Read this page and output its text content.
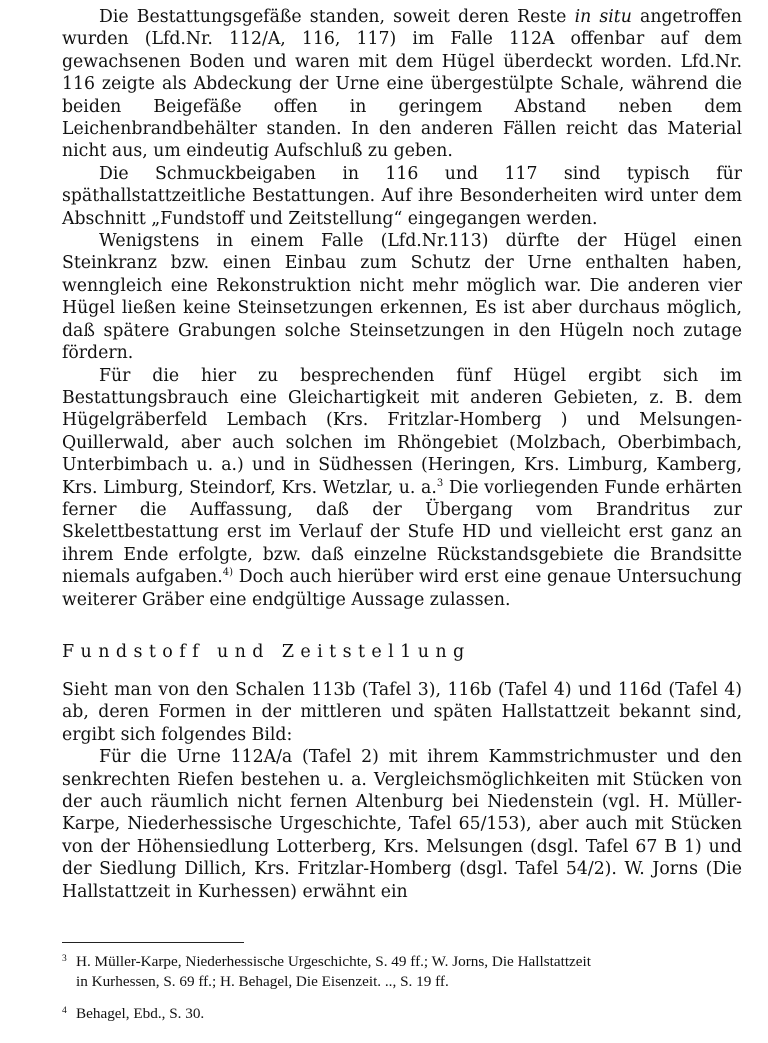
Die Bestattungsgefäße standen, soweit deren Reste in situ angetroffen wurden (Lfd.Nr. 112/A, 116, 117) im Falle 112A offenbar auf dem gewachsenen Boden und waren mit dem Hügel überdeckt worden. Lfd.Nr. 116 zeigte als Abdeckung der Urne eine übergestülpte Schale, während die beiden Beigefäße offen in geringem Abstand neben dem Leichenbrandbehälter standen. In den anderen Fällen reicht das Material nicht aus, um eindeutig Aufschluß zu geben.

Die Schmuckbeigaben in 116 und 117 sind typisch für späthallstattzeitliche Bestattungen. Auf ihre Besonderheiten wird unter dem Abschnitt „Fundstoff und Zeitstellung“ eingegangen werden.

Wenigstens in einem Falle (Lfd.Nr.113) dürfte der Hügel einen Steinkranz bzw. einen Einbau zum Schutz der Urne enthalten haben, wenngleich eine Rekonstruktion nicht mehr möglich war. Die anderen vier Hügel ließen keine Steinsetzungen erkennen, Es ist aber durchaus möglich, daß spätere Grabungen solche Steinsetzungen in den Hügeln noch zutage fördern.

Für die hier zu besprechenden fünf Hügel ergibt sich im Bestattungsbrauch eine Gleichartigkeit mit anderen Gebieten, z. B. dem Hügelgräberfeld Lembach (Krs. Fritzlar-Homberg ) und Melsungen-Quillerwald, aber auch solchen im Rhöngebiet (Molzbach, Oberbimbach, Unterbimbach u. a.) und in Südhessen (Heringen, Krs. Limburg, Kamberg, Krs. Limburg, Steindorf, Krs. Wetzlar, u. a.$^3$ Die vorliegenden Funde erhärten ferner die Auffassung, daß der Übergang vom Brandritus zur Skelettbestattung erst im Verlauf der Stufe HD und vielleicht erst ganz an ihrem Ende erfolgte, bzw. daß einzelne Rückstandsgebiete die Brandsitte niemals aufgaben.$^{4)}$ Doch auch hierüber wird erst eine genaue Untersuchung weiterer Gräber eine endgültige Aussage zulassen.

Fundstoff und Zeitstel1ung

Sieht man von den Schalen 113b (Tafel 3), 116b (Tafel 4) und 116d (Tafel 4) ab, deren Formen in der mittleren und späten Hallstattzeit bekannt sind, ergibt sich folgendes Bild:

Für die Urne 112A/a (Tafel 2) mit ihrem Kammstrichmuster und den senkrechten Riefen bestehen u. a. Vergleichsmöglichkeiten mit Stücken von der auch räumlich nicht fernen Altenburg bei Niedenstein (vgl. H. Müller-Karpe, Niederhessische Urgeschichte, Tafel 65/153), aber auch mit Stücken von der Höhensiedlung Lotterberg, Krs. Melsungen (dsgl. Tafel 67 B 1) und der Siedlung Dillich, Krs. Fritzlar-Homberg (dsgl. Tafel 54/2). W. Jorns (Die Hallstattzeit in Kurhessen) erwähnt ein

3 H. Müller-Karpe, Niederhessische Urgeschichte, S. 49 ff.; W. Jorns, Die Hallstattzeit
in Kurhessen, S. 69 ff.; H. Behagel, Die Eisenzeit. .., S. 19 ff.
4 Behagel, Ebd., S. 30.
